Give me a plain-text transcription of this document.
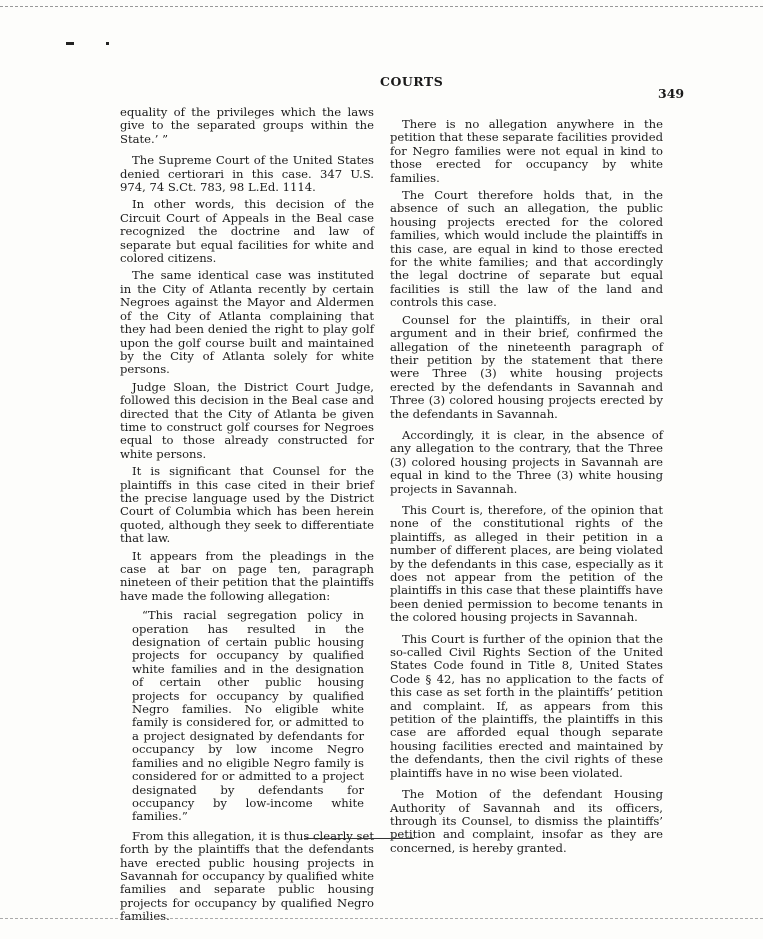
COURTS
349

equality of the privileges which the laws give to the separated groups within the State.’ ”

The Supreme Court of the United States denied certiorari in this case. 347 U.S. 974, 74 S.Ct. 783, 98 L.Ed. 1114.

In other words, this decision of the Circuit Court of Appeals in the Beal case recognized the doctrine and law of separate but equal facilities for white and colored citizens.

The same identical case was instituted in the City of Atlanta recently by certain Negroes against the Mayor and Aldermen of the City of Atlanta complaining that they had been denied the right to play golf upon the golf course built and maintained by the City of Atlanta solely for white persons.

Judge Sloan, the District Court Judge, followed this decision in the Beal case and directed that the City of Atlanta be given time to construct golf courses for Negroes equal to those already constructed for white persons.

It is significant that Counsel for the plaintiffs in this case cited in their brief the precise language used by the District Court of Columbia which has been herein quoted, although they seek to differentiate that law.

It appears from the pleadings in the case at bar on page ten, paragraph nineteen of their petition that the plaintiffs have made the following allegation:

“This racial segregation policy in operation has resulted in the designation of certain public housing projects for occupancy by qualified white families and in the designation of certain other public housing projects for occupancy by qualified Negro families. No eligible white family is considered for, or admitted to a project designated by defendants for occupancy by low income Negro families and no eligible Negro family is considered for or admitted to a project designated by defendants for occupancy by low-income white families.”

From this allegation, it is thus clearly set forth by the plaintiffs that the defendants have erected public housing projects in Savannah for occupancy by qualified white families and separate public housing projects for occupancy by qualified Negro families.

There is no allegation anywhere in the petition that these separate facilities provided for Negro families were not equal in kind to those erected for occupancy by white families.

The Court therefore holds that, in the absence of such an allegation, the public housing projects erected for the colored families, which would include the plaintiffs in this case, are equal in kind to those erected for the white families; and that accordingly the legal doctrine of separate but equal facilities is still the law of the land and controls this case.

Counsel for the plaintiffs, in their oral argument and in their brief, confirmed the allegation of the nineteenth paragraph of their petition by the statement that there were Three (3) white housing projects erected by the defendants in Savannah and Three (3) colored housing projects erected by the defendants in Savannah.

Accordingly, it is clear, in the absence of any allegation to the contrary, that the Three (3) colored housing projects in Savannah are equal in kind to the Three (3) white housing projects in Savannah.

This Court is, therefore, of the opinion that none of the constitutional rights of the plaintiffs, as alleged in their petition in a number of different places, are being violated by the defendants in this case, especially as it does not appear from the petition of the plaintiffs in this case that these plaintiffs have been denied permission to become tenants in the colored housing projects in Savannah.

This Court is further of the opinion that the so-called Civil Rights Section of the United States Code found in Title 8, United States Code § 42, has no application to the facts of this case as set forth in the plaintiffs’ petition and complaint. If, as appears from this petition of the plaintiffs, the plaintiffs in this case are afforded equal though separate housing facilities erected and maintained by the defendants, then the civil rights of these plaintiffs have in no wise been violated.

The Motion of the defendant Housing Authority of Savannah and its officers, through its Counsel, to dismiss the plaintiffs’ petition and complaint, insofar as they are concerned, is hereby granted.
